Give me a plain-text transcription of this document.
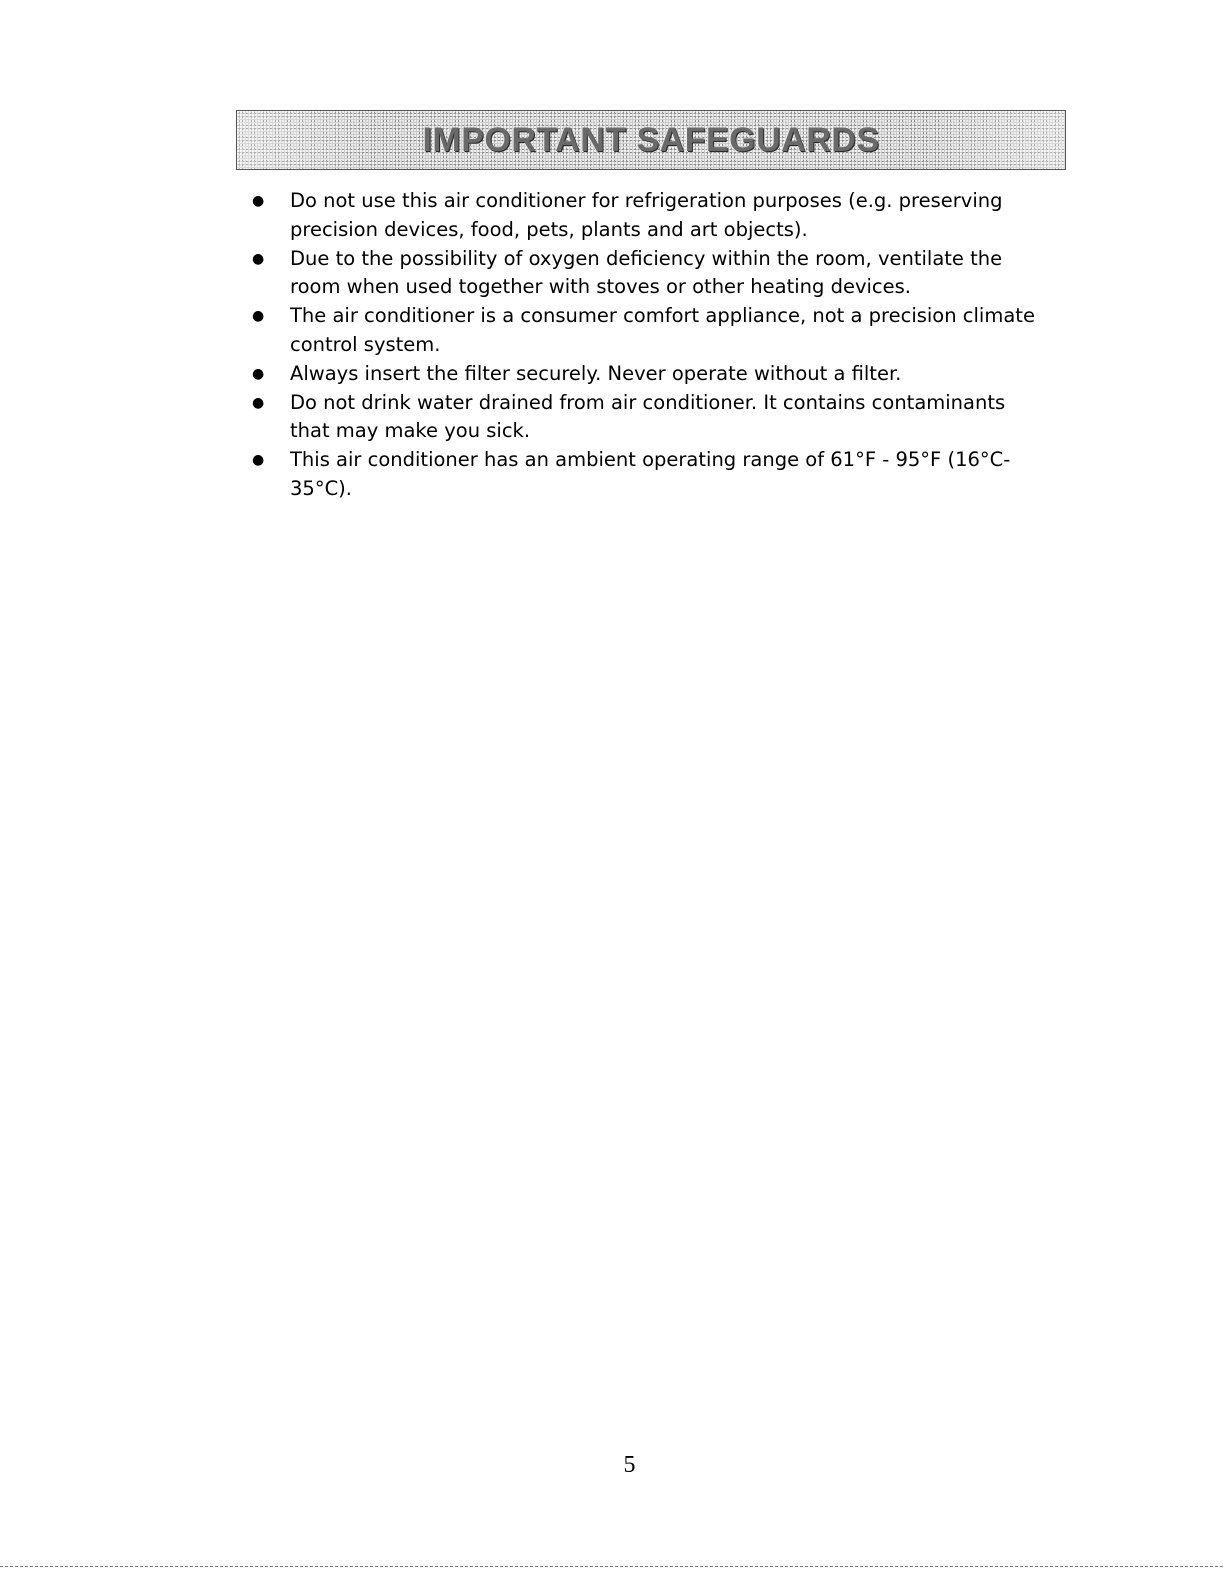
IMPORTANT SAFEGUARDS
● Do not use this air conditioner for refrigeration purposes (e.g. preserving precision devices, food, pets, plants and art objects).
● Due to the possibility of oxygen deficiency within the room, ventilate the room when used together with stoves or other heating devices.
● The air conditioner is a consumer comfort appliance, not a precision climate control system.
● Always insert the filter securely. Never operate without a filter.
● Do not drink water drained from air conditioner. It contains contaminants that may make you sick.
● This air conditioner has an ambient operating range of 61°F - 95°F (16°C-35°C).
5
